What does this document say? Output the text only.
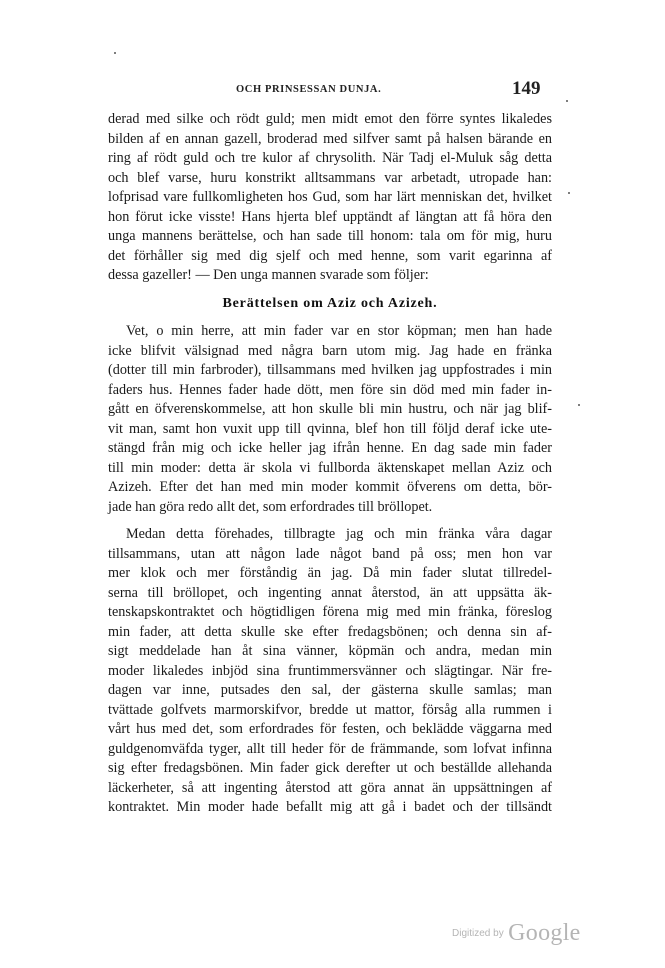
OCH PRINSESSAN DUNJA.	149
derad med silke och rödt guld; men midt emot den förre syntes likaledes
bilden af en annan gazell, broderad med silfver samt på halsen bärande en
ring af rödt guld och tre kulor af chrysolith. När Tadj el-Muluk såg detta
och blef varse, huru konstrikt alltsammans var arbetadt, utropade han:
lofprisad vare fullkomligheten hos Gud, som har lärt menniskan det, hvilket
hon förut icke visste! Hans hjerta blef upptändt af längtan att få höra den
unga mannens berättelse, och han sade till honom: tala om för mig, huru
det förhåller sig med dig sjelf och med henne, som varit egarinna af
dessa gazeller! — Den unga mannen svarade som följer:
Berättelsen om Aziz och Azizeh.
Vet, o min herre, att min fader var en stor köpman; men han hade
icke blifvit välsignad med några barn utom mig. Jag hade en fränka
(dotter till min farbroder), tillsammans med hvilken jag uppfostrades i min
faders hus. Hennes fader hade dött, men före sin död med min fader in-
gått en öfverenskommelse, att hon skulle bli min hustru, och när jag blif-
vit man, samt hon vuxit upp till qvinna, blef hon till följd deraf icke ute-
stängd från mig och icke heller jag ifrån henne. En dag sade min fader
till min moder: detta är skola vi fullborda äktenskapet mellan Aziz och
Azizeh. Efter det han med min moder kommit öfverens om detta, bör-
jade han göra redo allt det, som erfordrades till bröllopet.
Medan detta förehades, tillbragte jag och min fränka våra dagar
tillsammans, utan att någon lade något band på oss; men hon var
mer klok och mer förståndig än jag. Då min fader slutat tillredel-
serna till bröllopet, och ingenting annat återstod, än att uppsätta äk-
tenskapskontraktet och högtidligen förena mig med min fränka, föreslog
min fader, att detta skulle ske efter fredagsbönen; och denna sin af-
sigt meddelade han åt sina vänner, köpmän och andra, medan min
moder likaledes inbjöd sina fruntimmersvänner och slägtingar. När fre-
dagen var inne, putsades den sal, der gästerna skulle samlas; man
tvättade golfvets marmorskifvor, bredde ut mattor, försåg alla rummen i
vårt hus med det, som erfordrades för festen, och beklädde väggarna med
guldgenomväfda tyger, allt till heder för de främmande, som lofvat infinna
sig efter fredagsbönen. Min fader gick derefter ut och beställde allehanda
läckerheter, så att ingenting återstod att göra annat än uppsättningen af
kontraktet. Min moder hade befallt mig att gå i badet och der tillsändt
Digitized by Google
